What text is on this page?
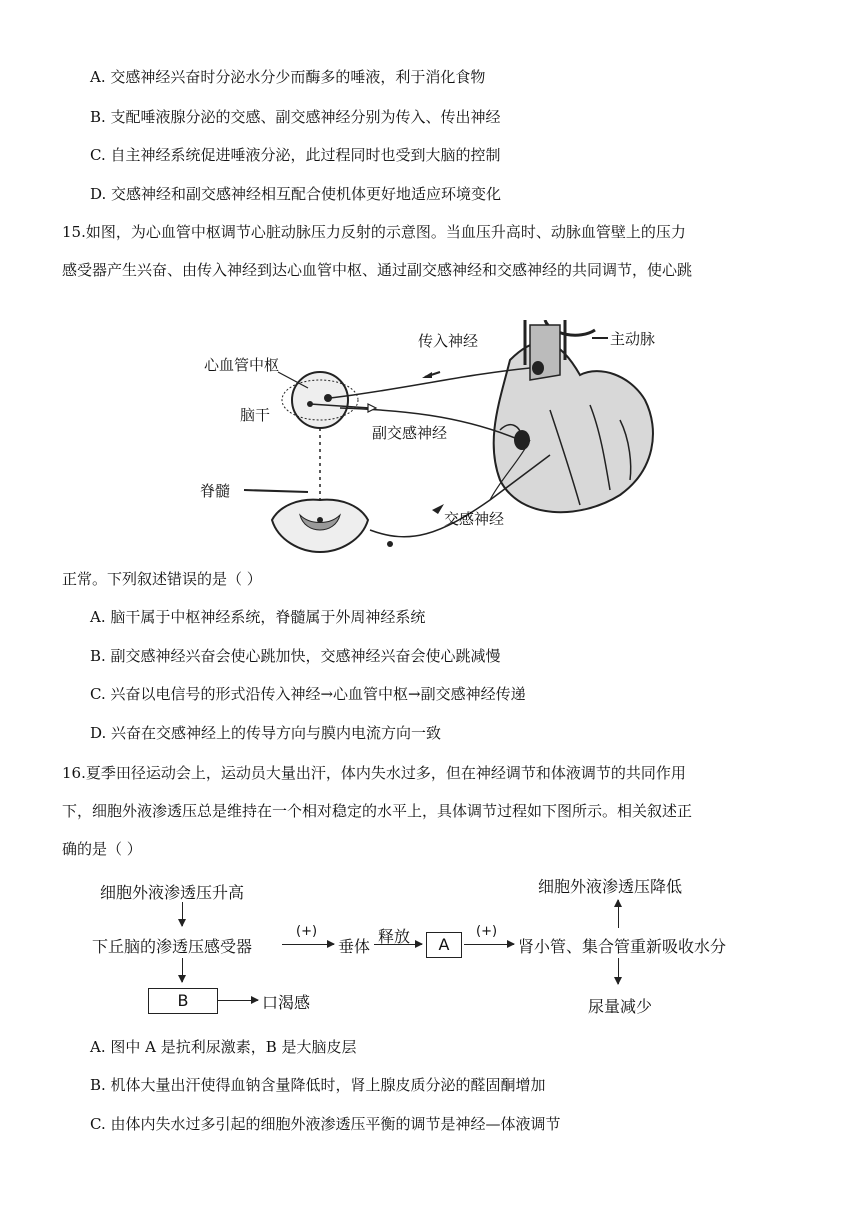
A. 交感神经兴奋时分泌水分少而酶多的唾液，利于消化食物
B. 支配唾液腺分泌的交感、副交感神经分别为传入、传出神经
C. 自主神经系统促进唾液分泌，此过程同时也受到大脑的控制
D. 交感神经和副交感神经相互配合使机体更好地适应环境变化
15.如图，为心血管中枢调节心脏动脉压力反射的示意图。当血压升高时、动脉血管壁上的压力
感受器产生兴奋、由传入神经到达心血管中枢、通过副交感神经和交感神经的共同调节，使心跳
心血管中枢
脑干
脊髓
传入神经	主动脉
副交感神经
交感神经
正常。下列叙述错误的是（ ）
A. 脑干属于中枢神经系统，脊髓属于外周神经系统
B. 副交感神经兴奋会使心跳加快，交感神经兴奋会使心跳减慢
C. 兴奋以电信号的形式沿传入神经→心血管中枢→副交感神经传递
D. 兴奋在交感神经上的传导方向与膜内电流方向一致
16.夏季田径运动会上，运动员大量出汗，体内失水过多，但在神经调节和体液调节的共同作用
下，细胞外液渗透压总是维持在一个相对稳定的水平上，具体调节过程如下图所示。相关叙述正
确的是（ ）
细胞外液渗透压升高
下丘脑的渗透压感受器
(+)
垂体
释放	A
(+)
肾小管、集合管重新吸收水分
细胞外液渗透压降低
尿量减少
B	口渴感
A. 图中 A 是抗利尿激素，B 是大脑皮层
B. 机体大量出汗使得血钠含量降低时，肾上腺皮质分泌的醛固酮增加
C. 由体内失水过多引起的细胞外液渗透压平衡的调节是神经—体液调节
